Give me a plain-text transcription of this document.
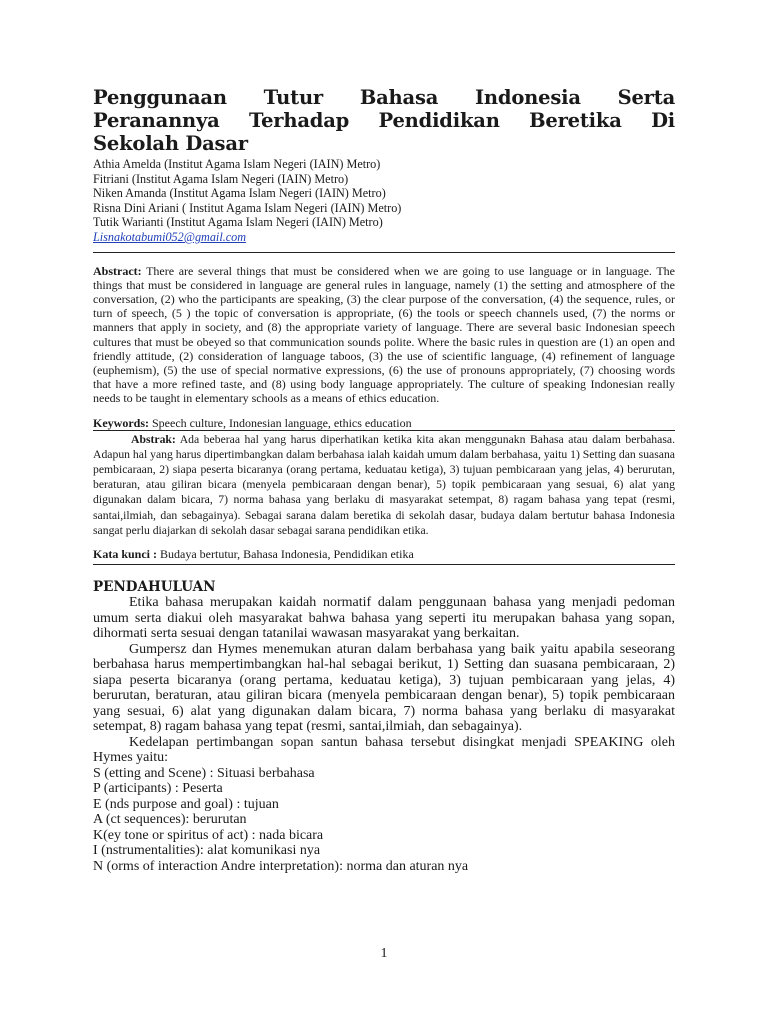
Penggunaan Tutur Bahasa Indonesia Serta Peranannya Terhadap Pendidikan Beretika Di Sekolah Dasar
Athia Amelda (Institut Agama Islam Negeri (IAIN) Metro)
Fitriani (Institut Agama Islam Negeri (IAIN) Metro)
Niken Amanda (Institut Agama Islam Negeri (IAIN) Metro)
Risna Dini Ariani ( Institut Agama Islam Negeri (IAIN) Metro)
Tutik Warianti (Institut Agama Islam Negeri (IAIN) Metro)
Lisnakotabumi052@gmail.com
Abstract: There are several things that must be considered when we are going to use language or in language. The things that must be considered in language are general rules in language, namely (1) the setting and atmosphere of the conversation, (2) who the participants are speaking, (3) the clear purpose of the conversation, (4) the sequence, rules, or turn of speech, (5 ) the topic of conversation is appropriate, (6) the tools or speech channels used, (7) the norms or manners that apply in society, and (8) the appropriate variety of language. There are several basic Indonesian speech cultures that must be obeyed so that communication sounds polite. Where the basic rules in question are (1) an open and friendly attitude, (2) consideration of language taboos, (3) the use of scientific language, (4) refinement of language (euphemism), (5) the use of special normative expressions, (6) the use of pronouns appropriately, (7) choosing words that have a more refined taste, and (8) using body language appropriately. The culture of speaking Indonesian really needs to be taught in elementary schools as a means of ethics education.
Keywords: Speech culture, Indonesian language, ethics education
Abstrak: Ada beberaa hal yang harus diperhatikan ketika kita akan menggunakn Bahasa atau dalam berbahasa. Adapun hal yang harus dipertimbangkan dalam berbahasa ialah kaidah umum dalam berbahasa, yaitu 1) Setting dan suasana pembicaraan, 2) siapa peserta bicaranya (orang pertama, keduatau ketiga), 3) tujuan pembicaraan yang jelas, 4) berurutan, beraturan, atau giliran bicara (menyela pembicaraan dengan benar), 5) topik pembicaraan yang sesuai, 6) alat yang digunakan dalam bicara, 7) norma bahasa yang berlaku di masyarakat setempat, 8) ragam bahasa yang tepat (resmi, santai,ilmiah, dan sebagainya). Sebagai sarana dalam beretika di sekolah dasar, budaya dalam bertutur bahasa Indonesia sangat perlu diajarkan di sekolah dasar sebagai sarana pendidikan etika.
Kata kunci : Budaya bertutur, Bahasa Indonesia, Pendidikan etika
PENDAHULUAN

Etika bahasa merupakan kaidah normatif dalam penggunaan bahasa yang menjadi pedoman umum serta diakui oleh masyarakat bahwa bahasa yang seperti itu merupakan bahasa yang sopan, dihormati serta sesuai dengan tatanilai wawasan masyarakat yang berkaitan.

Gumpersz dan Hymes menemukan aturan dalam berbahasa yang baik yaitu apabila seseorang berbahasa harus mempertimbangkan hal-hal sebagai berikut, 1) Setting dan suasana pembicaraan, 2) siapa peserta bicaranya (orang pertama, keduatau ketiga), 3) tujuan pembicaraan yang jelas, 4) berurutan, beraturan, atau giliran bicara (menyela pembicaraan dengan benar), 5) topik pembicaraan yang sesuai, 6) alat yang digunakan dalam bicara, 7) norma bahasa yang berlaku di masyarakat setempat, 8) ragam bahasa yang tepat (resmi, santai,ilmiah, dan sebagainya).

Kedelapan pertimbangan sopan santun bahasa tersebut disingkat menjadi SPEAKING oleh Hymes yaitu:

S (etting and Scene) : Situasi berbahasa

P (articipants) : Peserta

E (nds purpose and goal) : tujuan

A (ct sequences): berurutan

K(ey tone or spiritus of act) : nada bicara

I (nstrumentalities): alat komunikasi nya

N (orms of interaction Andre interpretation): norma dan aturan nya

1
